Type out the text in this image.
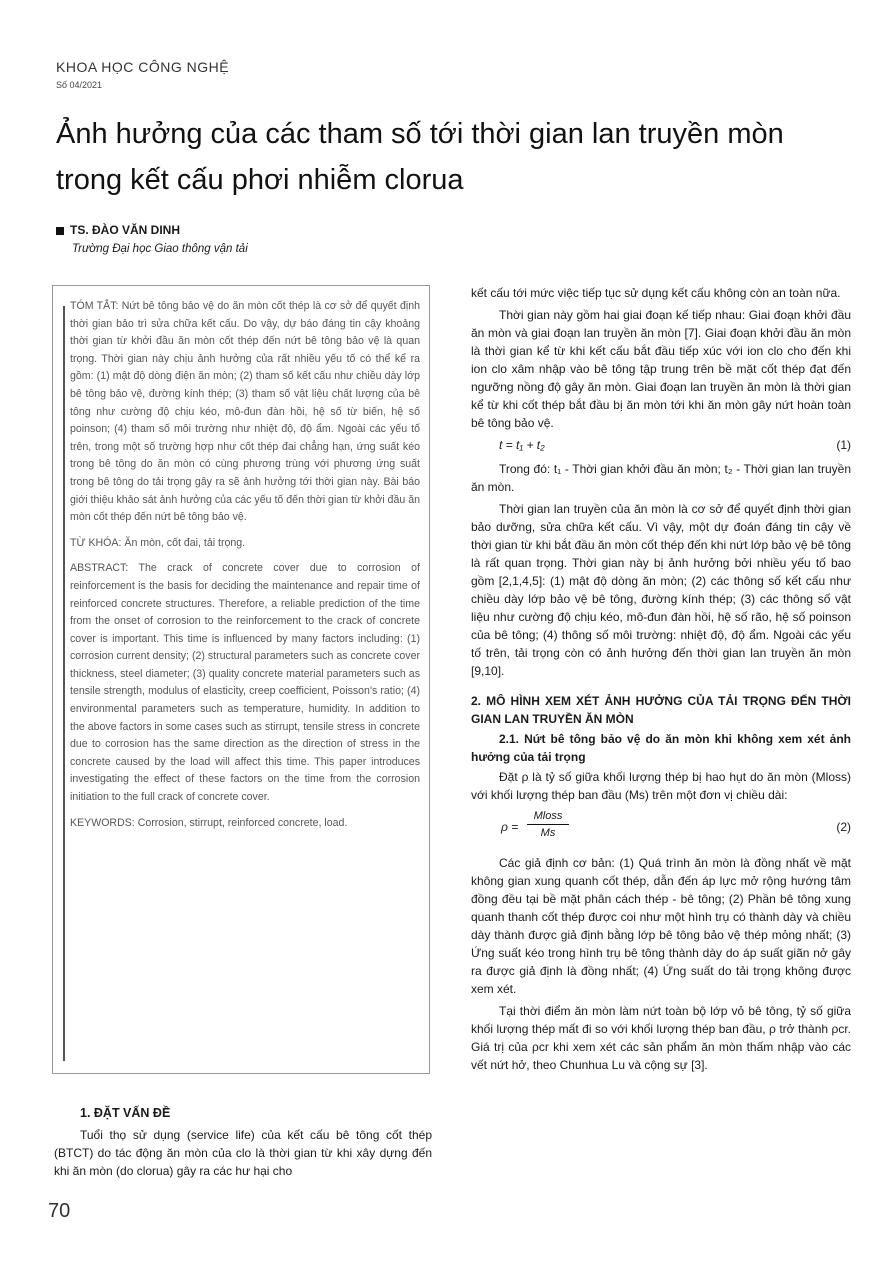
KHOA HỌC CÔNG NGHỆ
Số 04/2021
Ảnh hưởng của các tham số tới thời gian lan truyền mòn trong kết cấu phơi nhiễm clorua
TS. ĐÀO VĂN DINH
Trường Đại học Giao thông vận tải

TÓM TẮT: Nứt bê tông bảo vệ do ăn mòn cốt thép là cơ sở để quyết định thời gian bảo trì sửa chữa kết cấu. Do vậy, dự báo đáng tin cậy khoảng thời gian từ khởi đầu ăn mòn cốt thép đến nứt bê tông bảo vệ là quan trọng. Thời gian này chịu ảnh hưởng của rất nhiều yếu tố có thể kể ra gồm: (1) mật độ dòng điện ăn mòn; (2) tham số kết cấu như chiều dày lớp bê tông bảo vệ, đường kính thép; (3) tham số vật liệu chất lượng của bê tông như cường độ chịu kéo, mô-đun đàn hồi, hệ số từ biến, hệ số poinson; (4) tham số môi trường như nhiệt độ, độ ẩm. Ngoài các yếu tố trên, trong một số trường hợp như cốt thép đai chẳng hạn, ứng suất kéo trong bê tông do ăn mòn có cùng phương trùng với phương ứng suất trong bê tông do tải trọng gây ra sẽ ảnh hưởng tới thời gian này. Bài báo giới thiệu khảo sát ảnh hưởng của các yếu tố đến thời gian từ khởi đầu ăn mòn cốt thép đến nứt bê tông bảo vệ.

TỪ KHÓA: Ăn mòn, cốt đai, tải trọng.

ABSTRACT: The crack of concrete cover due to corrosion of reinforcement is the basis for deciding the maintenance and repair time of reinforced concrete structures. Therefore, a reliable prediction of the time from the onset of corrosion to the reinforcement to the crack of concrete cover is important. This time is influenced by many factors including: (1) corrosion current density; (2) structural parameters such as concrete cover thickness, steel diameter; (3) quality concrete material parameters such as tensile strength, modulus of elasticity, creep coefficient, Poisson's ratio; (4) environmental parameters such as temperature, humidity. In addition to the above factors in some cases such as stirrupt, tensile stress in concrete due to corrosion has the same direction as the direction of stress in the concrete caused by the load will affect this time. This paper introduces investigating the effect of these factors on the time from the corrosion initiation to the full crack of concrete cover.

KEYWORDS: Corrosion, stirrupt, reinforced concrete, load.

1. ĐẶT VẤN ĐỀ

Tuổi thọ sử dụng (service life) của kết cấu bê tông cốt thép (BTCT) do tác động ăn mòn của clo là thời gian từ khi xây dựng đến khi ăn mòn (do clorua) gây ra các hư hại cho

kết cấu tới mức việc tiếp tục sử dụng kết cấu không còn an toàn nữa.

Thời gian này gồm hai giai đoạn kế tiếp nhau: Giai đoạn khởi đầu ăn mòn và giai đoạn lan truyền ăn mòn [7]. Giai đoạn khởi đầu ăn mòn là thời gian kể từ khi kết cấu bắt đầu tiếp xúc với ion clo cho đến khi ion clo xâm nhập vào bê tông tập trung trên bề mặt cốt thép đạt đến ngưỡng nồng độ gây ăn mòn. Giai đoạn lan truyền ăn mòn là thời gian kể từ khi cốt thép bắt đầu bị ăn mòn tới khi ăn mòn gây nứt hoàn toàn bê tông bảo vệ.

t = t₁ + t₂	(1)

Trong đó: t₁ - Thời gian khởi đầu ăn mòn; t₂ - Thời gian lan truyền ăn mòn.

Thời gian lan truyền của ăn mòn là cơ sở để quyết định thời gian bảo dưỡng, sửa chữa kết cấu. Vì vậy, một dự đoán đáng tin cậy về thời gian từ khi bắt đầu ăn mòn cốt thép đến khi nứt lớp bảo vệ bê tông là rất quan trọng. Thời gian này bị ảnh hưởng bởi nhiều yếu tố bao gồm [2,1,4,5]: (1) mật độ dòng ăn mòn; (2) các thông số kết cấu như chiều dày lớp bảo vệ bê tông, đường kính thép; (3) các thông số vật liệu như cường độ chịu kéo, mô-đun đàn hồi, hệ số rão, hệ số poinson của bê tông; (4) thông số môi trường: nhiệt độ, độ ẩm. Ngoài các yếu tố trên, tải trọng còn có ảnh hưởng đến thời gian lan truyền ăn mòn [9,10].

2. MÔ HÌNH XEM XÉT ẢNH HƯỞNG CỦA TẢI TRỌNG ĐẾN THỜI GIAN LAN TRUYỀN ĂN MÒN

2.1. Nứt bê tông bảo vệ do ăn mòn khi không xem xét ảnh hưởng của tải trọng

Đặt ρ là tỷ số giữa khối lượng thép bị hao hụt do ăn mòn (Mloss) với khối lượng thép ban đầu (Ms) trên một đơn vị chiều dài:

ρ =
Mloss
Ms	(2)

Các giả định cơ bản: (1) Quá trình ăn mòn là đồng nhất về mặt không gian xung quanh cốt thép, dẫn đến áp lực mở rộng hướng tâm đồng đều tại bề mặt phân cách thép - bê tông; (2) Phần bê tông xung quanh thanh cốt thép được coi như một hình trụ có thành dày và chiều dày thành được giả định bằng lớp bê tông bảo vệ thép mỏng nhất; (3) Ứng suất kéo trong hình trụ bê tông thành dày do áp suất giãn nở gây ra được giả định là đồng nhất; (4) Ứng suất do tải trọng không được xem xét.

Tại thời điểm ăn mòn làm nứt toàn bộ lớp vỏ bê tông, tỷ số giữa khối lượng thép mất đi so với khối lượng thép ban đầu, ρ trở thành ρcr. Giá trị của ρcr khi xem xét các sản phẩm ăn mòn thấm nhập vào các vết nứt hở, theo Chunhua Lu và cộng sự [3].

70
